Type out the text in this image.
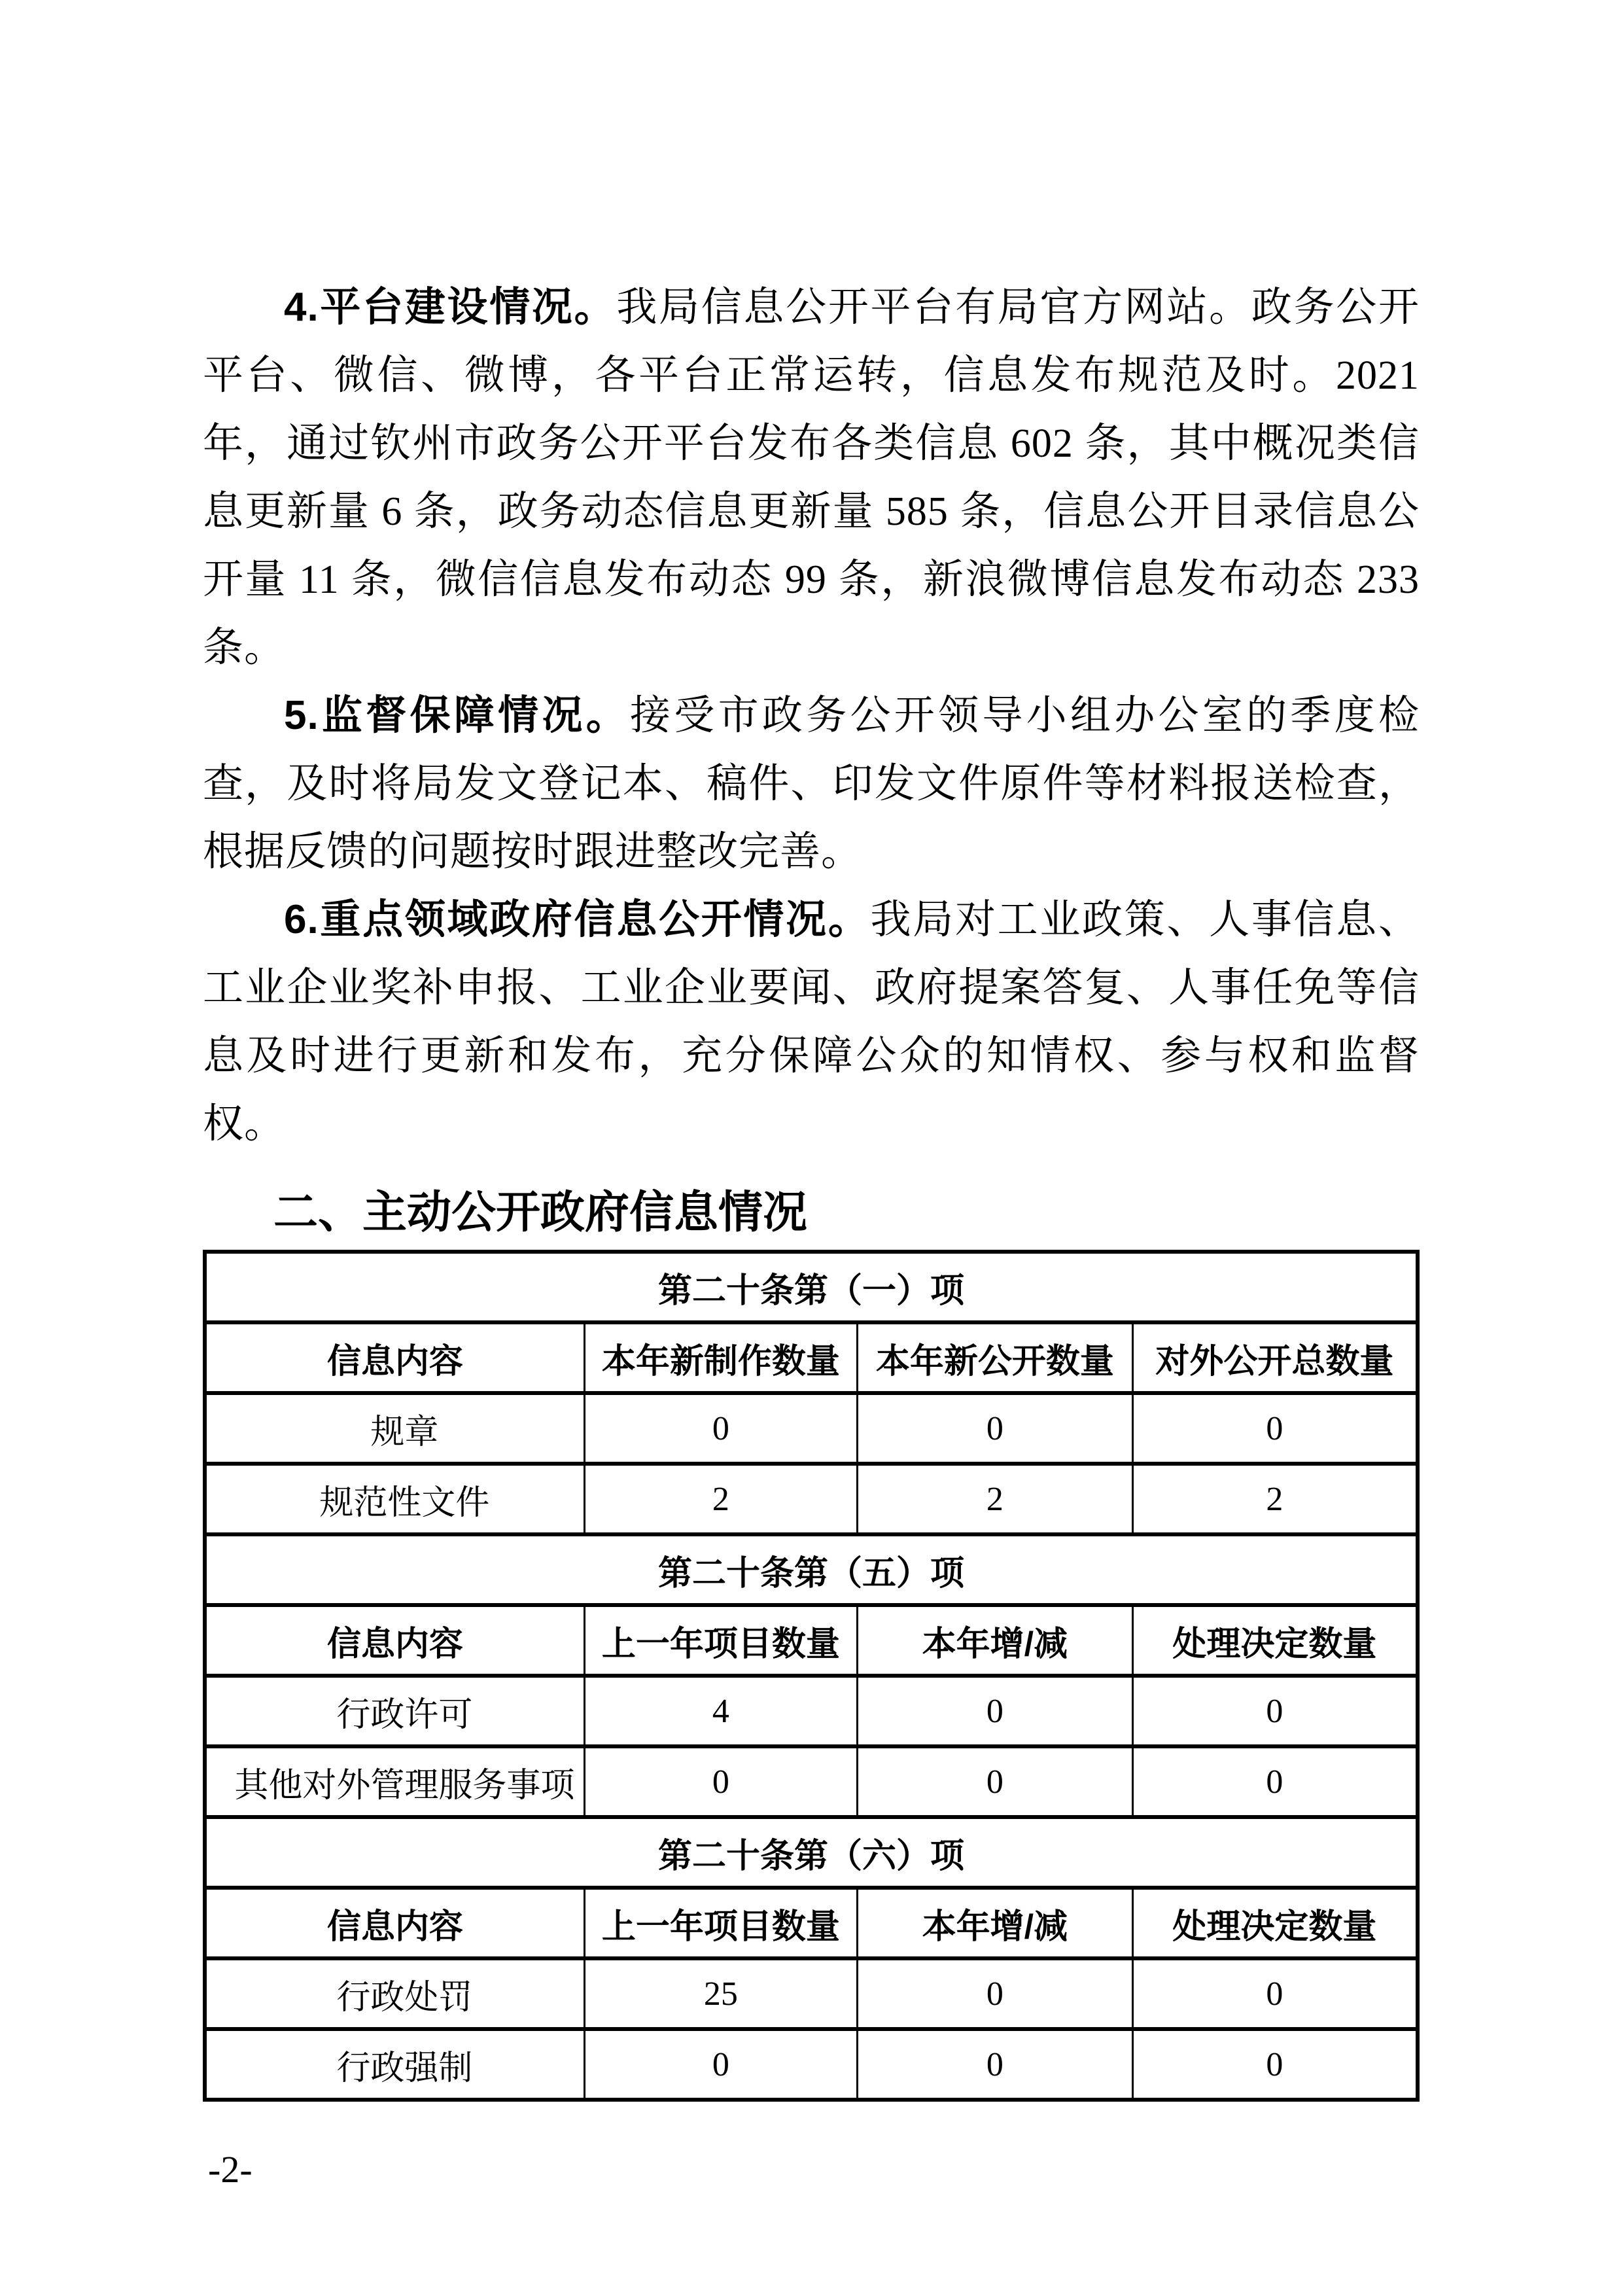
4.平台建设情况。我局信息公开平台有局官方网站。政务公开平台、微信、微博，各平台正常运转，信息发布规范及时。2021 年，通过钦州市政务公开平台发布各类信息 602 条，其中概况类信息更新量 6 条，政务动态信息更新量 585 条，信息公开目录信息公开量 11 条，微信信息发布动态 99 条，新浪微博信息发布动态 233 条。

5.监督保障情况。接受市政务公开领导小组办公室的季度检查，及时将局发文登记本、稿件、印发文件原件等材料报送检查，根据反馈的问题按时跟进整改完善。

6.重点领域政府信息公开情况。我局对工业政策、人事信息、工业企业奖补申报、工业企业要闻、政府提案答复、人事任免等信息及时进行更新和发布，充分保障公众的知情权、参与权和监督权。

二、主动公开政府信息情况
第二十条第（一）项			
信息内容	本年新制作数量	本年新公开数量	对外公开总数量
规章	0	0	0
规范性文件	2	2	2
第二十条第（五）项			
信息内容	上一年项目数量	本年增/减	处理决定数量
行政许可	4	0	0
其他对外管理服务事项	0	0	0
第二十条第（六）项			
信息内容	上一年项目数量	本年增/减	处理决定数量
行政处罚	25	0	0
行政强制	0	0	0
-2-
